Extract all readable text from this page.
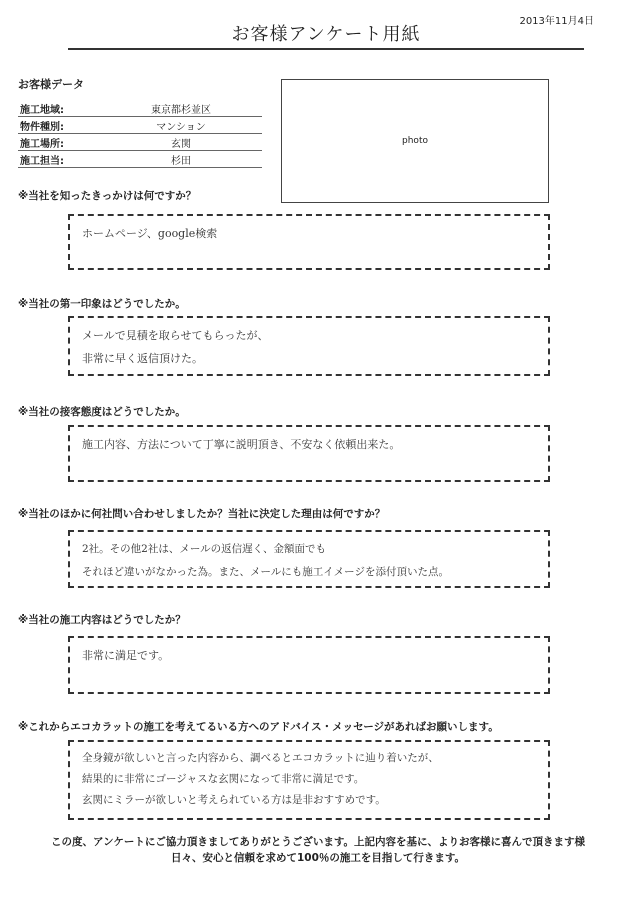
2013年11月4日
お客様アンケート用紙
お客様データ
施工地域:	東京都杉並区
物件種別:	マンション
施工場所:	玄関
施工担当:	杉田
photo
※当社を知ったきっかけは何ですか？
ホームページ、google検索
※当社の第一印象はどうでしたか。
メールで見積を取らせてもらったが、
非常に早く返信頂けた。
※当社の接客態度はどうでしたか。
施工内容、方法について丁寧に説明頂き、不安なく依頼出来た。
※当社のほかに何社問い合わせしましたか？当社に決定した理由は何ですか？
2社。その他2社は、メールの返信遅く、金額面でも
それほど違いがなかった為。また、メールにも施工イメージを添付頂いた点。
※当社の施工内容はどうでしたか？
非常に満足です。
※これからエコカラットの施工を考えてるいる方へのアドバイス・メッセージがあればお願いします。
全身鏡が欲しいと言った内容から、調べるとエコカラットに辿り着いたが、
結果的に非常にゴージャスな玄関になって非常に満足です。
玄関にミラーが欲しいと考えられている方は是非おすすめです。
この度、アンケートにご協力頂きましてありがとうございます。上記内容を基に、よりお客様に喜んで頂きます様
日々、安心と信頼を求めて100％の施工を目指して行きます。
